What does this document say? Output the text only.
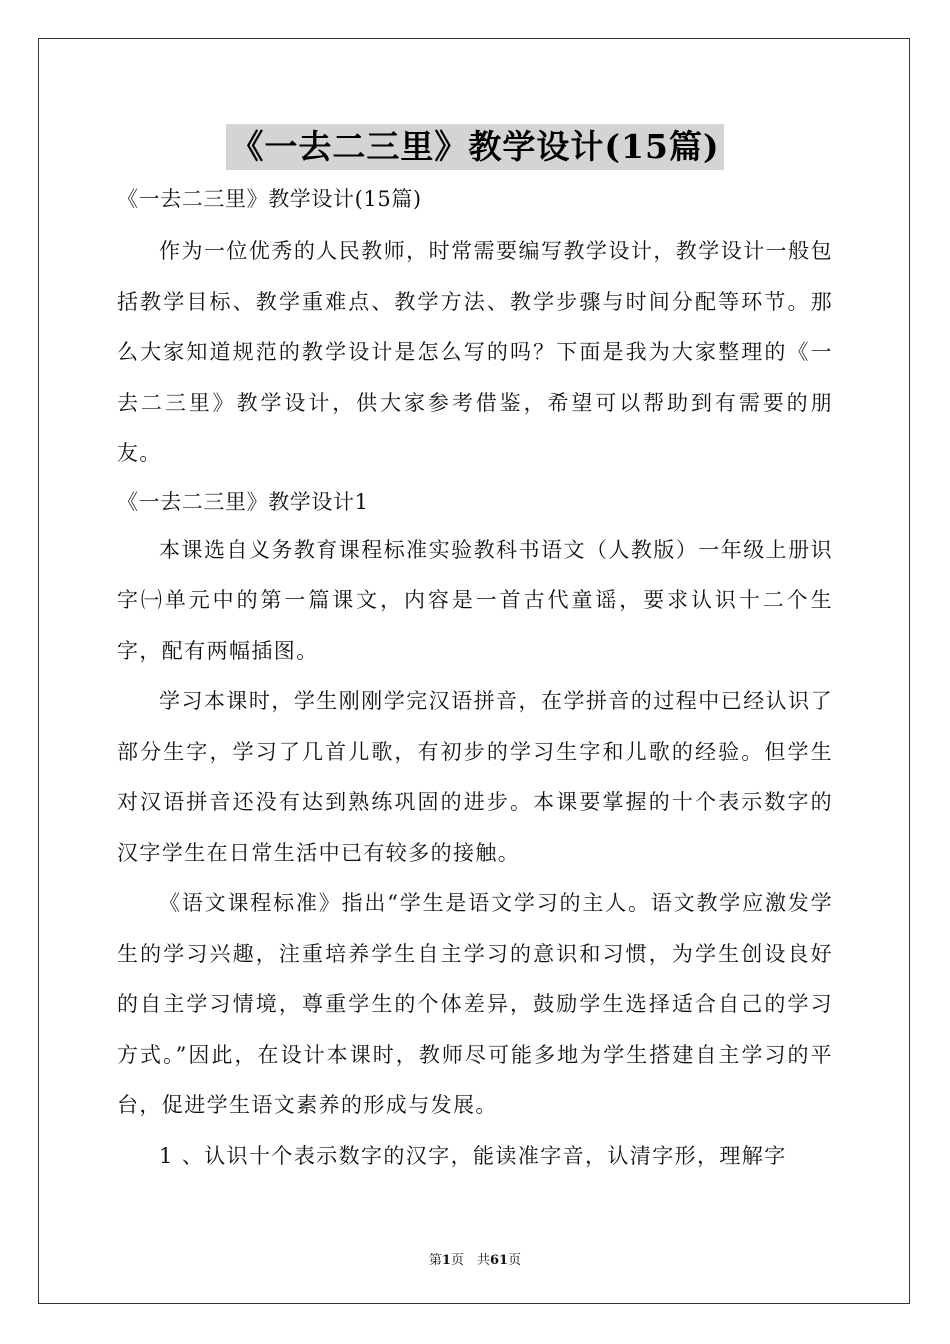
《一去二三里》教学设计(15篇)

《一去二三里》教学设计(15篇)

作为一位优秀的人民教师，时常需要编写教学设计，教学设计一般包括教学目标、教学重难点、教学方法、教学步骤与时间分配等环节。那么大家知道规范的教学设计是怎么写的吗？下面是我为大家整理的《一去二三里》教学设计，供大家参考借鉴，希望可以帮助到有需要的朋友。

《一去二三里》教学设计1

本课选自义务教育课程标准实验教科书语文（人教版）一年级上册识字㈠单元中的第一篇课文，内容是一首古代童谣，要求认识十二个生字，配有两幅插图。

学习本课时，学生刚刚学完汉语拼音，在学拼音的过程中已经认识了部分生字，学习了几首儿歌，有初步的学习生字和儿歌的经验。但学生对汉语拼音还没有达到熟练巩固的进步。本课要掌握的十个表示数字的汉字学生在日常生活中已有较多的接触。

《语文课程标准》指出“学生是语文学习的主人。语文教学应激发学生的学习兴趣，注重培养学生自主学习的意识和习惯，为学生创设良好的自主学习情境，尊重学生的个体差异，鼓励学生选择适合自己的学习方式。”因此，在设计本课时，教师尽可能多地为学生搭建自主学习的平台，促进学生语文素养的形成与发展。

1 、认识十个表示数字的汉字，能读准字音，认清字形，理解字

第1页　共61页
